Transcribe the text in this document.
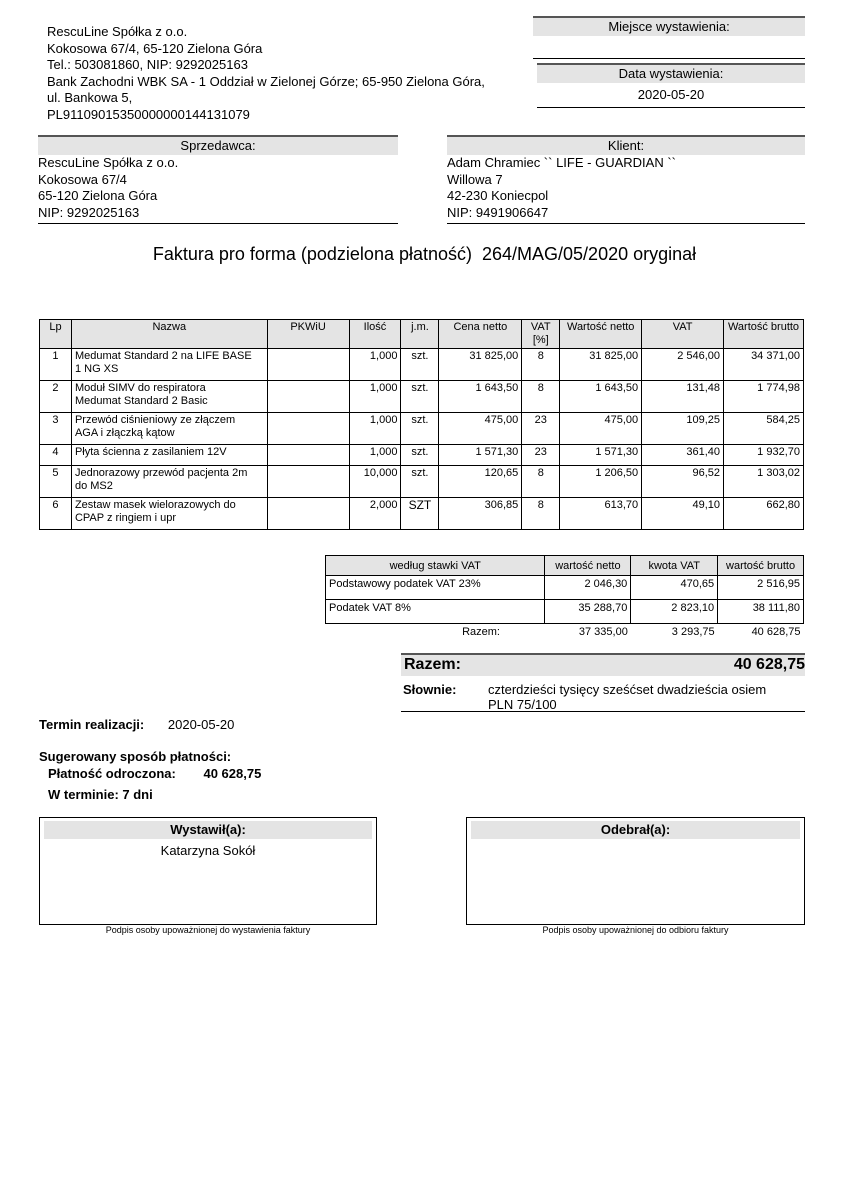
RescuLine Spółka z o.o.
Kokosowa 67/4, 65-120 Zielona Góra
Tel.: 503081860, NIP: 9292025163
Bank Zachodni WBK SA - 1 Oddział w Zielonej Górze; 65-950 Zielona Góra,
ul. Bankowa 5,
PL91109015350000000144131079
Miejsce wystawienia:
Data wystawienia:
2020-05-20
Sprzedawca:
RescuLine Spółka z o.o.
Kokosowa 67/4
65-120 Zielona Góra
NIP: 9292025163
Klient:
Adam Chramiec `` LIFE - GUARDIAN ``
Willowa 7
42-230 Koniecpol
NIP: 9491906647
Faktura pro forma (podzielona płatność)  264/MAG/05/2020 oryginał
Lp	Nazwa	PKWiU	Ilość	j.m.	Cena netto	VAT
[%]	Wartość netto	VAT	Wartość brutto
1	Medumat Standard 2 na LIFE BASE
1 NG XS		1,000	szt.	31 825,00	8	31 825,00	2 546,00	34 371,00
2	Moduł SIMV do respiratora
Medumat Standard 2 Basic		1,000	szt.	1 643,50	8	1 643,50	131,48	1 774,98
3	Przewód ciśnieniowy ze złączem
AGA i złączką kątow		1,000	szt.	475,00	23	475,00	109,25	584,25
4	Płyta ścienna z zasilaniem 12V		1,000	szt.	1 571,30	23	1 571,30	361,40	1 932,70
5	Jednorazowy przewód pacjenta 2m
do MS2		10,000	szt.	120,65	8	1 206,50	96,52	1 303,02
6	Zestaw masek wielorazowych do
CPAP z ringiem i upr		2,000	SZT	306,85	8	613,70	49,10	662,80
według stawki VAT	wartość netto	kwota VAT	wartość brutto
Podstawowy podatek VAT 23%	2 046,30	470,65	2 516,95
Podatek VAT 8%	35 288,70	2 823,10	38 111,80
Razem:	37 335,00	3 293,75	40 628,75
Razem:	40 628,75
Słownie: czterdzieści tysięcy sześćset dwadzieścia osiem
PLN 75/100
Termin realizacji: 2020-05-20
Sugerowany sposób płatności:
Płatność odroczona: 40 628,75
W terminie: 7 dni
Wystawił(a):
Katarzyna Sokół
Podpis osoby upoważnionej do wystawienia faktury
Odebrał(a):
Podpis osoby upoważnionej do odbioru faktury
